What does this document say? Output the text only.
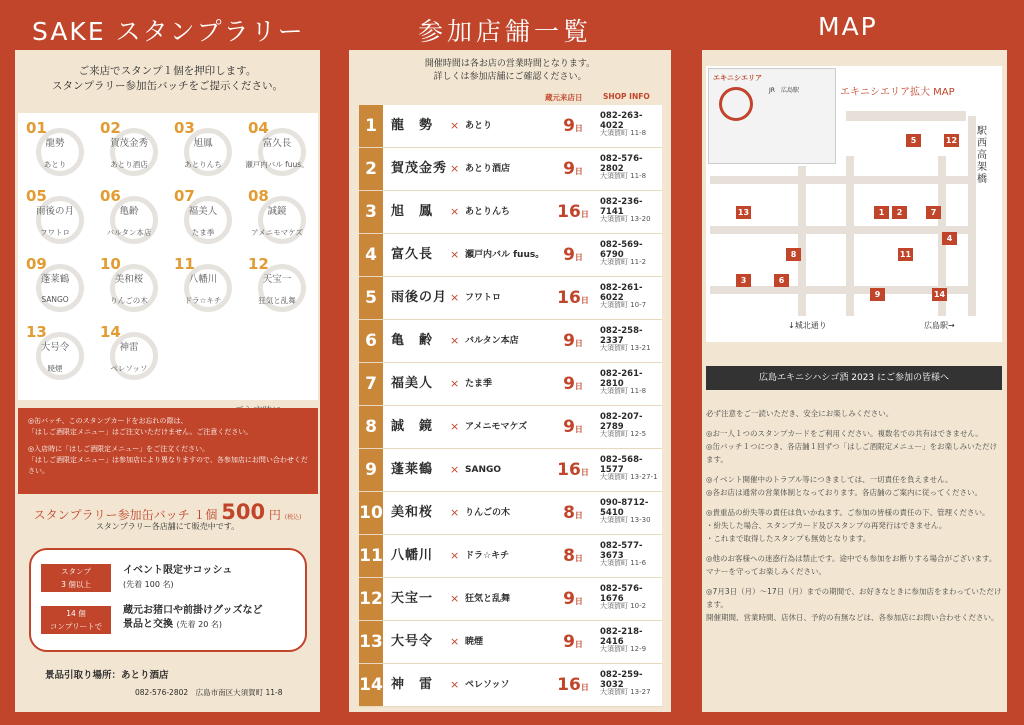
SAKE スタンプラリー	参加店舗一覧	MAP
ご来店でスタンプ１個を押印します。
スタンプラリー参加缶バッチをご提示ください。
01
龍勢
あとり
02
賀茂金秀
あとり酒店
03
旭鳳
あとりんち
04
富久長
瀬戸内バル fuus。
05
雨後の月
フワトロ
06
亀齢
バルタン本店
07
福美人
たま季
08
誠鏡
アメニモマケズ
09
蓬莱鶴
SANGO
10
美和桜
りんごの木
11
八幡川
ドラ☆キチ
12
天宝一
狂気と乱舞
13
大号令
暁煙
14
神雷
ペレソッソ

◎缶バッチ、このスタンプカードをお忘れの際は、
「はしご酒限定メニュー」はご注文いただけません。ご注意ください。

◎入店時に「はしご酒限定メニュー」をご注文ください。
「はしご酒限定メニュー」は参加店により異なりますので、各参加店にお問い合わせください。

スタンプラリー参加缶バッチ １個 500 円 (税込)
スタンプラリー各店舗にて販売中です。
スタンプ
3 個以上
イベント限定サコッシュ
(先着 100 名)
14 個
コンプリートで
蔵元お猪口や前掛けグッズなど
景品と交換 (先着 20 名)
景品引取り場所：あとり酒店
082-576-2802　広島市南区大須賀町 11-8
開催時間は各お店の営業時間となります。
詳しくは参加店舗にご確認ください。
蔵元来店日	SHOP INFO
1	龍　勢	× あとり	9日
082-263-4022
大須賀町 11-8
2	賀茂金秀 × あとり酒店	9日
082-576-2802
大須賀町 11-8
3	旭　鳳	× あとりんち	16日
082-236-7141
大須賀町 13-20
4	富久長	× 瀬戸内バル fuus。	9日
082-569-6790
大須賀町 11-2
5	雨後の月 × フワトロ	16日
082-261-6022
大須賀町 10-7
6	亀　齢	× バルタン本店	9日
082-258-2337
大須賀町 13-21
7	福美人	× たま季	9日
082-261-2810
大須賀町 11-8
8	誠　鏡	× アメニモマケズ	9日
082-207-2789
大須賀町 12-5
9	蓬莱鶴	× SANGO	16日
082-568-1577
大須賀町 13-27-1
10 美和桜	× りんごの木	8日
090-8712-5410
大須賀町 13-30
11 八幡川	× ドラ☆キチ	8日
082-577-3673
大須賀町 11-6
12 天宝一	× 狂気と乱舞	9日
082-576-1676
大須賀町 10-2
13 大号令	× 暁煙	9日
082-218-2416
大須賀町 12-9
14 神　雷	× ペレソッソ	16日
082-259-3032
大須賀町 13-27
エキニシエリア
JR　広島駅	エキニシエリア拡大 MAP
駅西高架橋
5	12
13	1	2	7
4
8	11
3	6
9	14
↓城北通り	広島駅→
広島エキニシハシゴ酒 2023 にご参加の皆様へ

必ず注意をご一読いただき、安全にお楽しみください。

◎お一人１つのスタンプカードをご利用ください。複数名での共有はできません。
◎缶バッチ１つにつき、各店舗１回ずつ「はしご酒限定メニュー」をお楽しみいただけます。

◎イベント開催中のトラブル等につきましては、一切責任を負えません。
◎各お店は通常の営業体制となっております。各店舗のご案内に従ってください。

◎貴重品の紛失等の責任は負いかねます。ご参加の皆様の責任の下、管理ください。
・紛失した場合、スタンプカード及びスタンプの再発行はできません。
・これまで取得したスタンプも無効となります。

◎他のお客様への迷惑行為は禁止です。途中でも参加をお断りする場合がございます。マナーを守ってお楽しみください。

◎7月3日（月）～17日（月）までの期間で、お好きなときに参加店をまわっていただけます。
開催期間、営業時間、店休日、予約の有無などは、各参加店にお問い合わせください。
